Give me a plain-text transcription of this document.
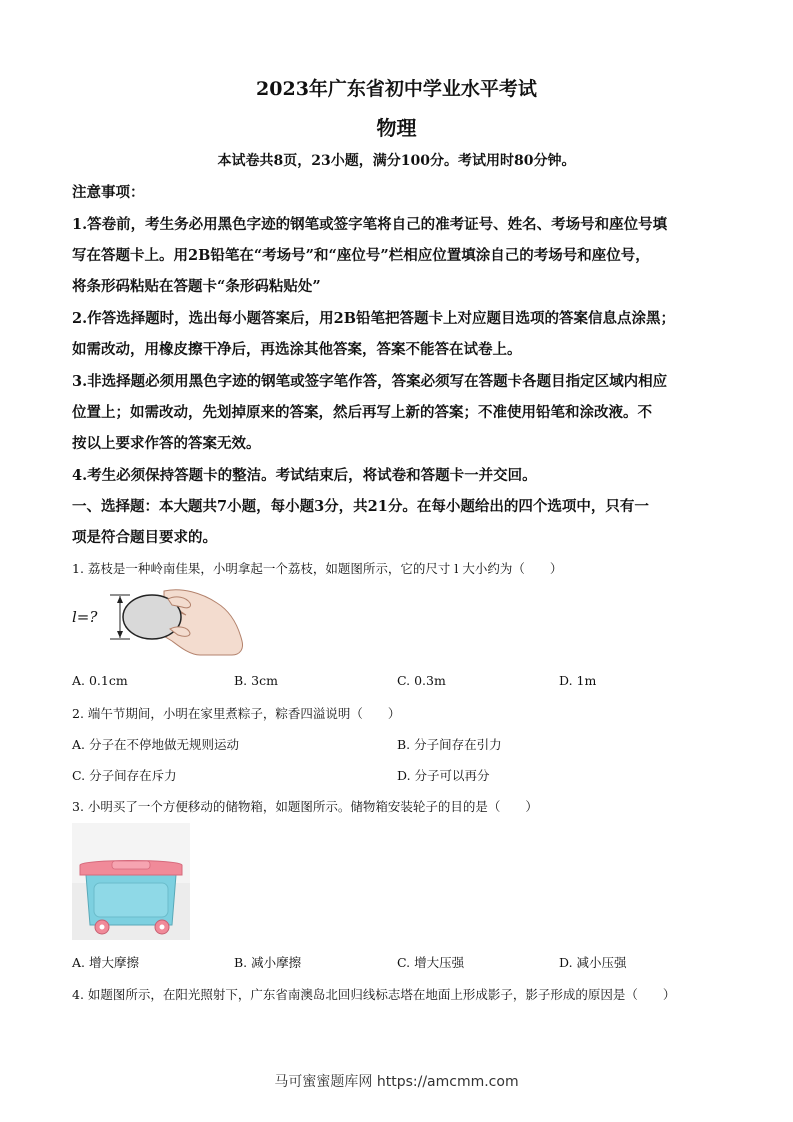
2023年广东省初中学业水平考试
物理
本试卷共8页，23小题，满分100分。考试用时80分钟。
注意事项：
1.答卷前，考生务必用黑色字迹的钢笔或签字笔将自己的准考证号、姓名、考场号和座位号填
写在答题卡上。用2B铅笔在“考场号”和“座位号”栏相应位置填涂自己的考场号和座位号，
将条形码粘贴在答题卡“条形码粘贴处”
2.作答选择题时，选出每小题答案后，用2B铅笔把答题卡上对应题目选项的答案信息点涂黑；
如需改动，用橡皮擦干净后，再选涂其他答案，答案不能答在试卷上。
3.非选择题必须用黑色字迹的钢笔或签字笔作答，答案必须写在答题卡各题目指定区域内相应
位置上；如需改动，先划掉原来的答案，然后再写上新的答案；不准使用铅笔和涂改液。不
按以上要求作答的答案无效。
4.考生必须保持答题卡的整洁。考试结束后，将试卷和答题卡一并交回。
一、选择题：本大题共7小题，每小题3分，共21分。在每小题给出的四个选项中，只有一
项是符合题目要求的。
1. 荔枝是一种岭南佳果，小明拿起一个荔枝，如题图所示，它的尺寸 l 大小约为（　　）
l=?
A. 0.1cm	B. 3cm	C. 0.3m	D. 1m
2. 端午节期间，小明在家里煮粽子，粽香四溢说明（　　）
A. 分子在不停地做无规则运动	B. 分子间存在引力
C. 分子间存在斥力	D. 分子可以再分
3. 小明买了一个方便移动的储物箱，如题图所示。储物箱安装轮子的目的是（　　）
A. 增大摩擦	B. 减小摩擦	C. 增大压强	D. 减小压强
4. 如题图所示，在阳光照射下，广东省南澳岛北回归线标志塔在地面上形成影子，影子形成的原因是（　　）
马可蜜蜜题库网 https://amcmm.com
